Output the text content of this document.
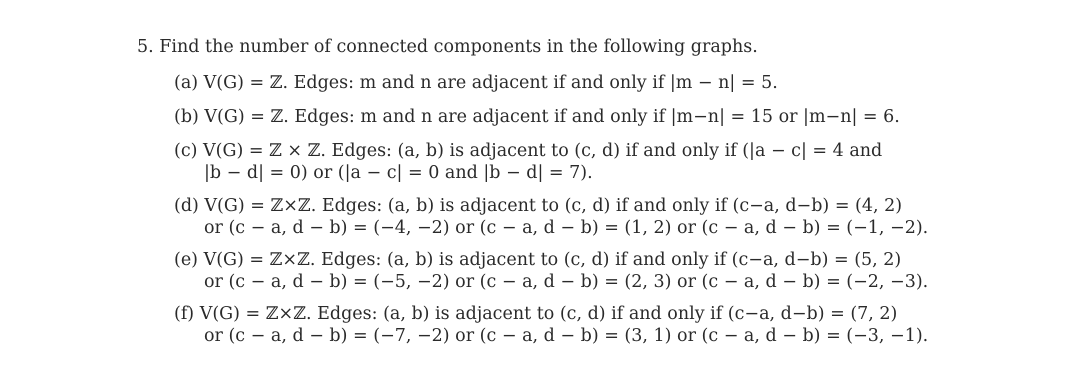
5. Find the number of connected components in the following graphs.
(a) V(G) = ℤ. Edges: m and n are adjacent if and only if |m − n| = 5.
(b) V(G) = ℤ. Edges: m and n are adjacent if and only if |m−n| = 15 or |m−n| = 6.
(c) V(G) = ℤ × ℤ. Edges: (a, b) is adjacent to (c, d) if and only if (|a − c| = 4 and
|b − d| = 0) or (|a − c| = 0 and |b − d| = 7).
(d) V(G) = ℤ×ℤ. Edges: (a, b) is adjacent to (c, d) if and only if (c−a, d−b) = (4, 2)
or (c − a, d − b) = (−4, −2) or (c − a, d − b) = (1, 2) or (c − a, d − b) = (−1, −2).
(e) V(G) = ℤ×ℤ. Edges: (a, b) is adjacent to (c, d) if and only if (c−a, d−b) = (5, 2)
or (c − a, d − b) = (−5, −2) or (c − a, d − b) = (2, 3) or (c − a, d − b) = (−2, −3).
(f) V(G) = ℤ×ℤ. Edges: (a, b) is adjacent to (c, d) if and only if (c−a, d−b) = (7, 2)
or (c − a, d − b) = (−7, −2) or (c − a, d − b) = (3, 1) or (c − a, d − b) = (−3, −1).
